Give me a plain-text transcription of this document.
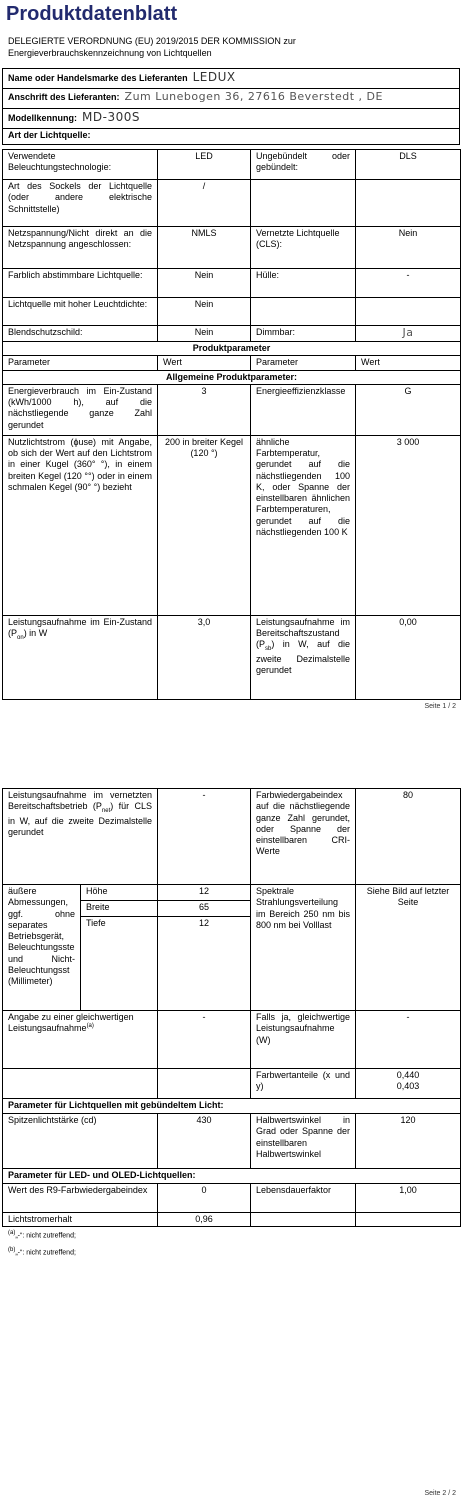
Produktdatenblatt
DELEGIERTE VERORDNUNG (EU) 2019/2015 DER KOMMISSION zur Energieverbrauchskennzeichnung von Lichtquellen
Name oder Handelsmarke des Lieferanten LEDUX
Anschrift des Lieferanten: Zum Lunebogen 36, 27616 Beverstedt , DE
Modellkennung: MD-300S
Art der Lichtquelle:
Verwendete Beleuchtungstechnologie:	LED	Ungebündelt oder gebündelt:	DLS
Art des Sockels der Lichtquelle (oder andere elektrische Schnittstelle)	/		
Netzspannung/Nicht direkt an die Netzspannung angeschlossen:	NMLS	Vernetzte Lichtquelle (CLS):	Nein
Farblich abstimmbare Lichtquelle:	Nein	Hülle:	-
Lichtquelle mit hoher Leuchtdichte:	Nein		
Blendschutzschild:	Nein	Dimmbar:	Ja
Produktparameter			
Parameter	Wert	Parameter	Wert
Allgemeine Produktparameter:			
Energieverbrauch im Ein-Zustand (kWh/1000 h), auf die nächstliegende ganze Zahl gerundet	3	Energieeffizienzklasse	G
Nutzlichtstrom (ϕuse) mit Angabe, ob sich der Wert auf den Lichtstrom in einer Kugel (360° °), in einem breiten Kegel (120 °°) oder in einem schmalen Kegel (90° °) bezieht	200 in breiter Kegel (120 °)	ähnliche Farbtemperatur, gerundet auf die nächstliegenden 100 K, oder Spanne der einstellbaren ähnlichen Farbtemperaturen, gerundet auf die nächstliegenden 100 K	3 000
Leistungsaufnahme im Ein-Zustand $(P_{on})$ in W	3,0	Leistungsaufnahme im Bereitschaftszustand $(P_{sb})$ in W, auf die zweite Dezimalstelle gerundet	0,00
Seite 1 / 2
Leistungsaufnahme im vernetzten Bereitschaftsbetrieb $(P_{net})$ für CLS in W, auf die zweite Dezimalstelle gerundet		-	Farbwiedergabeindex auf die nächstliegende ganze Zahl gerundet, oder Spanne der einstellbaren CRI-Werte	80
äußere Abmessungen, ggf. ohne separates Betriebsgerät, Beleuchtungsste und Nicht-Beleuchtungsst (Millimeter)	Höhe	12	Spektrale Strahlungsverteilung im Bereich 250 nm bis 800 nm bei Volllast	Siehe Bild auf letzter Seite
	Breite	65		
	Tiefe	12		
Angabe zu einer gleichwertigen Leistungsaufnahme$^{(a)}$		-	Falls ja, gleichwertige Leistungsaufnahme (W)	-
			Farbwertanteile (x und y)	0,440
0,403

Parameter für Lichtquellen mit gebündeltem Licht:				
Spitzenlichtstärke (cd)		430	Halbwertswinkel in Grad oder Spanne der einstellbaren Halbwertswinkel	120
Parameter für LED- und OLED-Lichtquellen:				
Wert des R9-Farbwiedergabeindex		0	Lebensdauerfaktor	1,00
Lichtstromerhalt		0,96		
$^{(a)}$„-“: nicht zutreffend;
$^{(b)}$„-“: nicht zutreffend;
Seite 2 / 2
